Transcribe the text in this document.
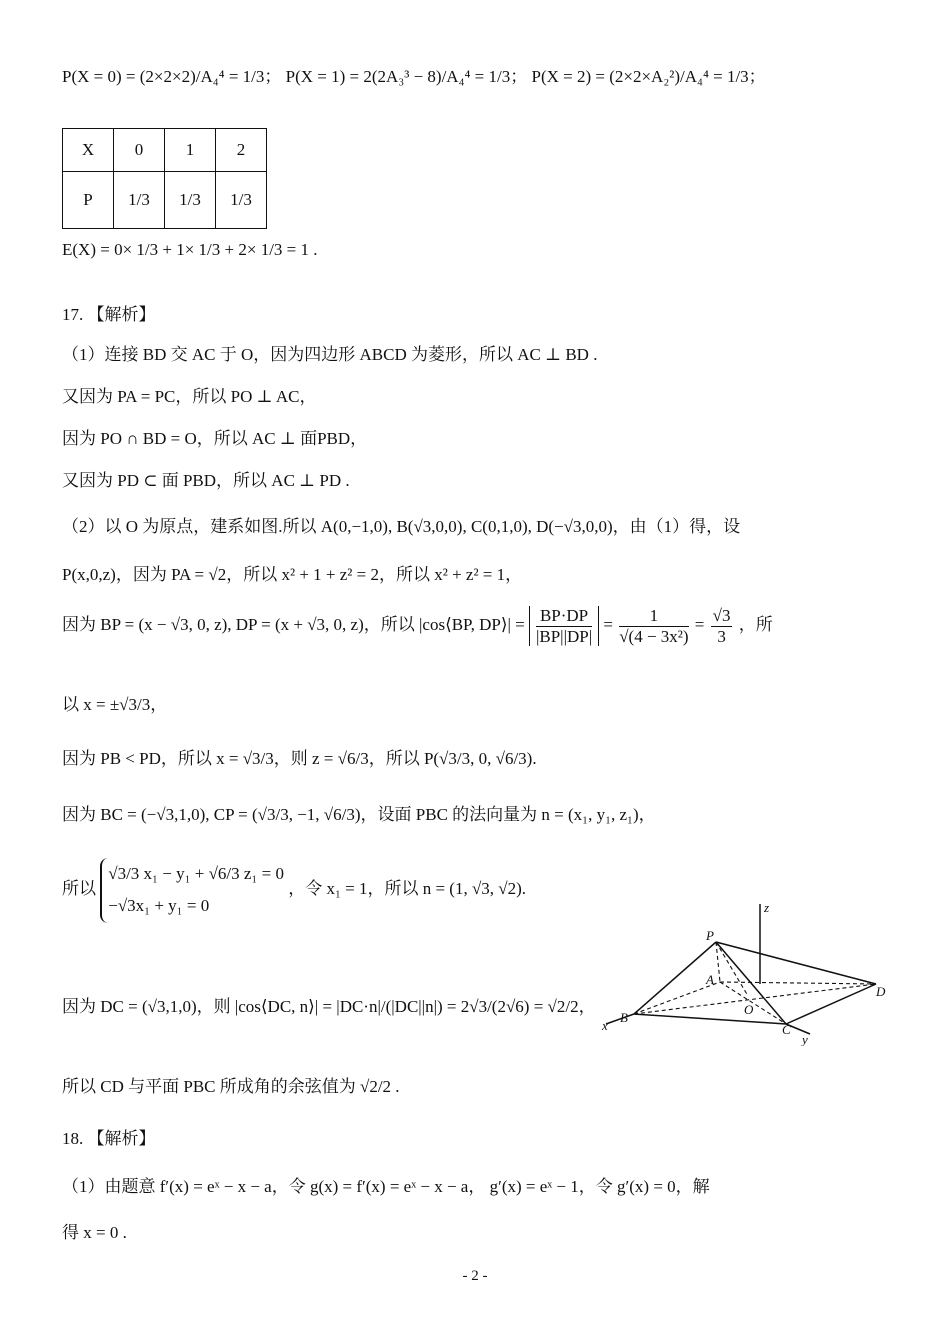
P(X = 0) = (2×2×2)/A₄⁴ = 1/3； P(X = 1) = 2(2A₃³ − 8)/A₄⁴ = 1/3； P(X = 2) = (2×2×A₂²)/A₄⁴ = 1/3；
X	0	1	2
P	1/3	1/3	1/3
E(X) = 0× 1/3 + 1× 1/3 + 2× 1/3 = 1 .
17. 【解析】
（1）连接 BD 交 AC 于 O，因为四边形 ABCD 为菱形，所以 AC ⊥ BD .
又因为 PA = PC，所以 PO ⊥ AC，
因为 PO ∩ BD = O，所以 AC ⊥ 面PBD，
又因为 PD ⊂ 面 PBD，所以 AC ⊥ PD .
（2）以 O 为原点，建系如图.所以 A(0,−1,0), B(√3,0,0), C(0,1,0), D(−√3,0,0)，由（1）得，设
P(x,0,z)，因为 PA = √2，所以 x² + 1 + z² = 2，所以 x² + z² = 1，
因为 BP = (x − √3, 0, z), DP = (x + √3, 0, z)，所以 |cos⟨BP, DP⟩| = $\frac{BP\cdot DP}{|BP||DP|} = \frac{1}{\text{√(4 − 3x²)}} = \frac{√3}{3}$ ，所
以 x = ±√3/3，
因为 PB < PD，所以 x = √3/3，则 z = √6/3，所以 P(√3/3, 0, √6/3).
因为 BC = (−√3,1,0), CP = (√3/3, −1, √6/3)，设面 PBC 的法向量为 n = (x₁, y₁, z₁)，
所以
√3/3 x₁ − y₁ + √6/3 z₁ = 0
−√3x₁ + y₁ = 0
，令 x₁ = 1，所以 n = (1, √3, √2).
因为 DC = (√3,1,0)，则 |cos⟨DC, n⟩| = |DC·n|/(|DC||n|) = 2√3/(2√6) = √2/2，
所以 CD 与平面 PBC 所成角的余弦值为 √2/2 .
18. 【解析】
（1）由题意 f′(x) = eˣ − x − a，令 g(x) = f′(x) = eˣ − x − a， g′(x) = eˣ − 1，令 g′(x) = 0，解
得 x = 0 .
z
P
A
O
D
B
C
x
y
- 2 -
